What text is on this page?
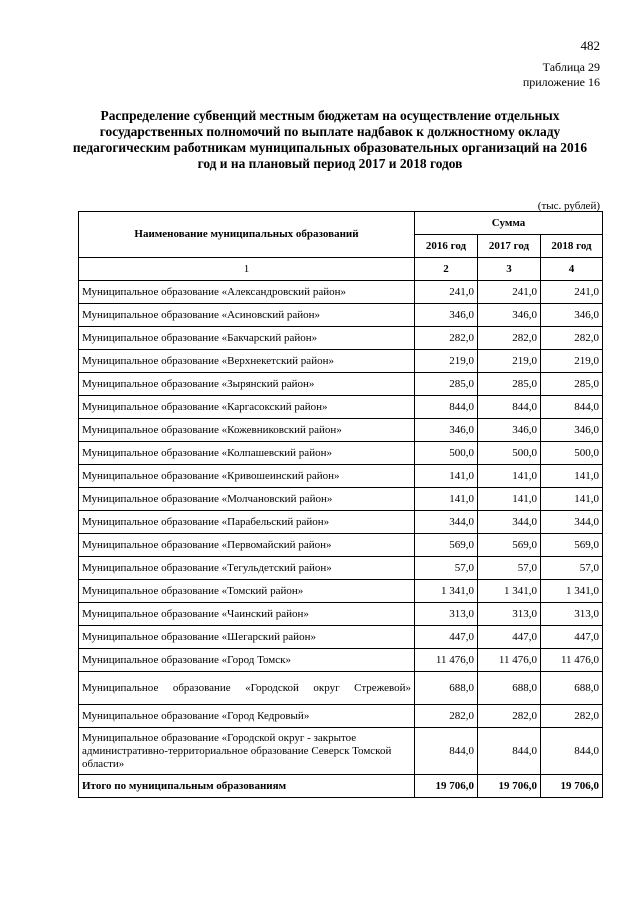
482
Таблица 29
приложение 16
Распределение субвенций местным бюджетам на осуществление отдельных государственных полномочий по выплате надбавок к должностному окладу педагогическим работникам муниципальных образовательных организаций на 2016 год и на плановый период 2017 и 2018 годов
(тыс. рублей)
Наименование муниципальных образований	Сумма		
	2016 год	2017 год	2018 год
1	2	3	4
Муниципальное образование «Александровский район»	241,0	241,0	241,0
Муниципальное образование «Асиновский район»	346,0	346,0	346,0
Муниципальное образование «Бакчарский район»	282,0	282,0	282,0
Муниципальное образование «Верхнекетский район»	219,0	219,0	219,0
Муниципальное образование «Зырянский район»	285,0	285,0	285,0
Муниципальное образование «Каргасокский район»	844,0	844,0	844,0
Муниципальное образование «Кожевниковский район»	346,0	346,0	346,0
Муниципальное образование «Колпашевский район»	500,0	500,0	500,0
Муниципальное образование «Кривошеинский район»	141,0	141,0	141,0
Муниципальное образование «Молчановский район»	141,0	141,0	141,0
Муниципальное образование «Парабельский район»	344,0	344,0	344,0
Муниципальное образование «Первомайский район»	569,0	569,0	569,0
Муниципальное образование «Тегульдетский район»	57,0	57,0	57,0
Муниципальное образование «Томский район»	1 341,0	1 341,0	1 341,0
Муниципальное образование «Чаинский район»	313,0	313,0	313,0
Муниципальное образование «Шегарский район»	447,0	447,0	447,0
Муниципальное образование «Город Томск»	11 476,0	11 476,0	11 476,0
Муниципальное образование «Городской округ Стрежевой»	688,0	688,0	688,0
Муниципальное образование «Город Кедровый»	282,0	282,0	282,0
Муниципальное образование «Городской округ - закрытое административно-территориальное образование Северск Томской области»	844,0	844,0	844,0
Итого по муниципальным образованиям	19 706,0	19 706,0	19 706,0
